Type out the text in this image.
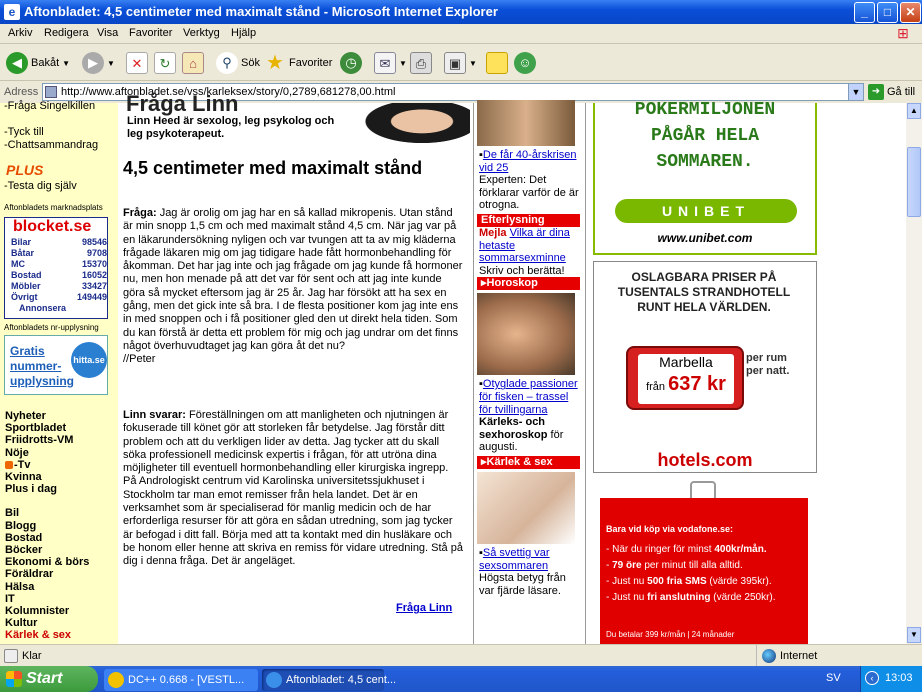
e Aftonbladet: 4,5 centimeter med maximalt stånd - Microsoft Internet Explorer	_	□	✕
Arkiv Redigera Visa Favoriter Verktyg Hjälp	⊞
◀ Bakåt ▼	▶	▼	✕	↻	⌂	⚲ Sök ★ Favoriter ◷	✉	▼ ⎙	▣ ▼	☺
Adress	http://www.aftonbladet.se/vss/karleksex/story/0,2789,681278,00.html	▼	➜ Gå till
-Fråga Singelkillen

-Tyck till
-Chattsammandrag
PLUS
-Testa dig själv
Aftonbladets marknadsplats
blocket.se
Bilar	98546
Båtar	9708
MC	15370
Bostad	16052
Möbler	33427
Övrigt	149449
Annonsera	
Aftonbladets nr-upplysning
Gratis nummer-upplysning
hitta.se
Nyheter
Sportbladet
Friidrotts-VM
Nöje
-Tv
Kvinna
Plus i dag
Bil
Blogg
Bostad
Böcker
Ekonomi & börs
Föräldrar
Hälsa
IT
Kolumnister
Kultur
Kärlek & sex
Fråga Linn
Linn Heed är sexolog, leg psykolog och leg psykoterapeut.
4,5 centimeter med maximalt stånd

Fråga: Jag är orolig om jag har en så kallad mikropenis. Utan stånd är min snopp 1,5 cm och med maximalt stånd 4,5 cm. När jag var på en läkarundersökning nyligen och var tvungen att ta av mig kläderna frågade läkaren mig om jag tidigare hade fått hormonbehandling för åkomman. Det har jag inte och jag frågade om jag kunde få hormoner nu, men hon menade på att det var för sent och att jag inte kunde göra så mycket eftersom jag är 25 år. Jag har försökt att ha sex en gång, men det gick inte så bra. I de flesta positioner kom jag inte ens in med snoppen och i få positioner gled den ut direkt hela tiden. Som du kan förstå är detta ett problem för mig och jag undrar om det finns något överhuvudtaget jag kan göra åt det nu?
//Peter

Linn svarar: Föreställningen om att manligheten och njutningen är fokuserade till könet gör att storleken får betydelse. Jag förstår ditt problem och att du verkligen lider av detta. Jag tycker att du skall söka professionell medicinsk expertis i frågan, för att utröna dina möjligheter till eventuell hormonbehandling eller kirurgiska ingrepp. På Andrologiskt centrum vid Karolinska universitetssjukhuset i Stockholm tar man emot remisser från hela landet. Det är en verksamhet som är specialiserad för manlig medicin och de har erforderliga resurser för att göra en sådan utredning, som jag tycker är befogad i ditt fall. Börja med att ta kontakt med din husläkare och be honom eller henne att skriva en remiss för vidare utredning. Stå på dig i denna fråga. Det är angeläget.

Fråga Linn
▪De får 40-årskrisen vid 25
Experten: Det förklarar varför de är otrogna.
Efterlysning
Mejla Vilka är dina hetaste sommarsexminne
Skriv och berätta!
▸Horoskop
▪Otyglade passioner för fisken – trassel för tvillingarna
Kärleks- och sexhoroskop för augusti.
▸Kärlek & sex
▪Så svettig var sexsommaren
Högsta betyg från var fjärde läsare.
POKERMILJONEN
PÅGÅR HELA
SOMMAREN.
UNIBET
www.unibet.com
OSLAGBARA PRISER PÅ TUSENTALS STRANDHOTELL RUNT HELA VÄRLDEN.
Marbella
från 637 kr
per rum per natt.
hotels.com
Bara vid köp via vodafone.se:
- När du ringer för minst 400kr/mån.
- 79 öre per minut till alla alltid.
- Just nu 500 fria SMS (värde 395kr).
- Just nu fri anslutning (värde 250kr).
Du betalar 399 kr/mån | 24 månader
▲
▼
Klar	Internet
Start	DC++ 0.668 - [VESTL...	Aftonbladet: 4,5 cent...	SV	‹	13:03
